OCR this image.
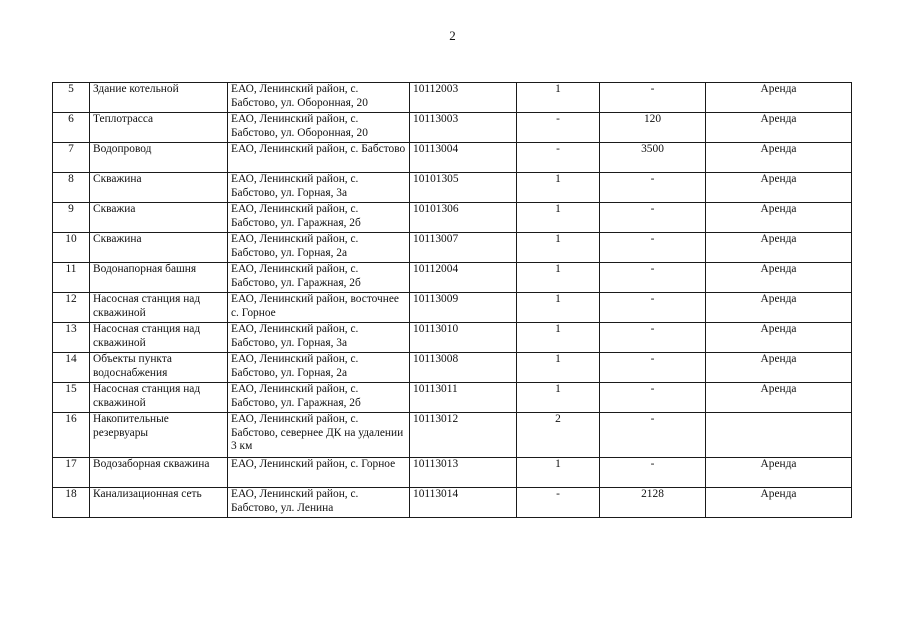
2
5	Здание котельной	ЕАО, Ленинский район, с. Бабстово, ул. Оборонная, 20	10112003	1	-	Аренда
6	Теплотрасса	ЕАО, Ленинский район, с. Бабстово, ул. Оборонная, 20	10113003	-	120	Аренда
7	Водопровод	ЕАО, Ленинский район, с. Бабстово	10113004	-	3500	Аренда
8	Скважина	ЕАО, Ленинский район, с. Бабстово, ул. Горная, 3а	10101305	1	-	Аренда
9	Скважиа	ЕАО, Ленинский район, с. Бабстово, ул. Гаражная, 2б	10101306	1	-	Аренда
10	Скважина	ЕАО, Ленинский район, с. Бабстово, ул. Горная, 2а	10113007	1	-	Аренда
11	Водонапорная башня	ЕАО, Ленинский район, с. Бабстово, ул. Гаражная, 2б	10112004	1	-	Аренда
12	Насосная станция над скважиной	ЕАО, Ленинский район, восточнее с. Горное	10113009	1	-	Аренда
13	Насосная станция над скважиной	ЕАО, Ленинский район, с. Бабстово, ул. Горная, 3а	10113010	1	-	Аренда
14	Объекты пункта водоснабжения	ЕАО, Ленинский район, с. Бабстово, ул. Горная, 2а	10113008	1	-	Аренда
15	Насосная станция над скважиной	ЕАО, Ленинский район, с. Бабстово, ул. Гаражная, 2б	10113011	1	-	Аренда
16	Накопительные резервуары	ЕАО, Ленинский район, с. Бабстово, севернее ДК на удалении 3 км	10113012	2	-	
17	Водозаборная скважина	ЕАО, Ленинский район, с. Горное	10113013	1	-	Аренда
18	Канализационная сеть	ЕАО, Ленинский район, с. Бабстово, ул. Ленина	10113014	-	2128	Аренда
